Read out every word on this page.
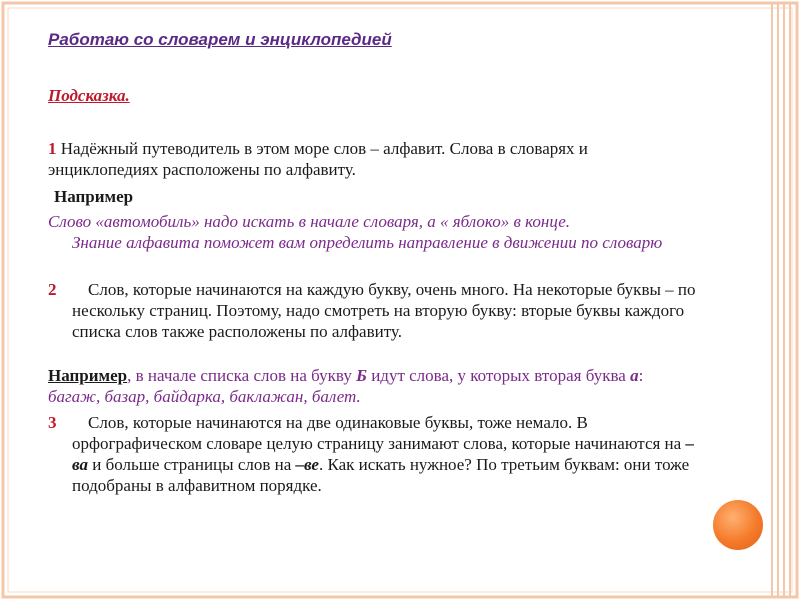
Работаю со словарем и энциклопедией
Подсказка.
1 Надёжный путеводитель в этом море слов – алфавит. Слова в словарях и энциклопедиях расположены по алфавиту.
Например
Слово «автомобиль» надо искать в начале словаря, а « яблоко» в конце.
Знание алфавита поможет вам определить направление в движении по словарю
2	Слов, которые начинаются на каждую букву, очень много. На некоторые буквы – по нескольку страниц. Поэтому, надо смотреть на вторую букву: вторые буквы каждого списка слов также расположены по алфавиту.
Например, в начале списка слов на букву Б идут слова, у которых вторая буква а: багаж, базар, байдарка, баклажан, балет.
3	Слов, которые начинаются на две одинаковые буквы, тоже немало. В орфографическом словаре целую страницу занимают слова, которые начинаются на –ва и больше страницы слов на –ве. Как искать нужное? По третьим буквам: они тоже подобраны в алфавитном порядке.
